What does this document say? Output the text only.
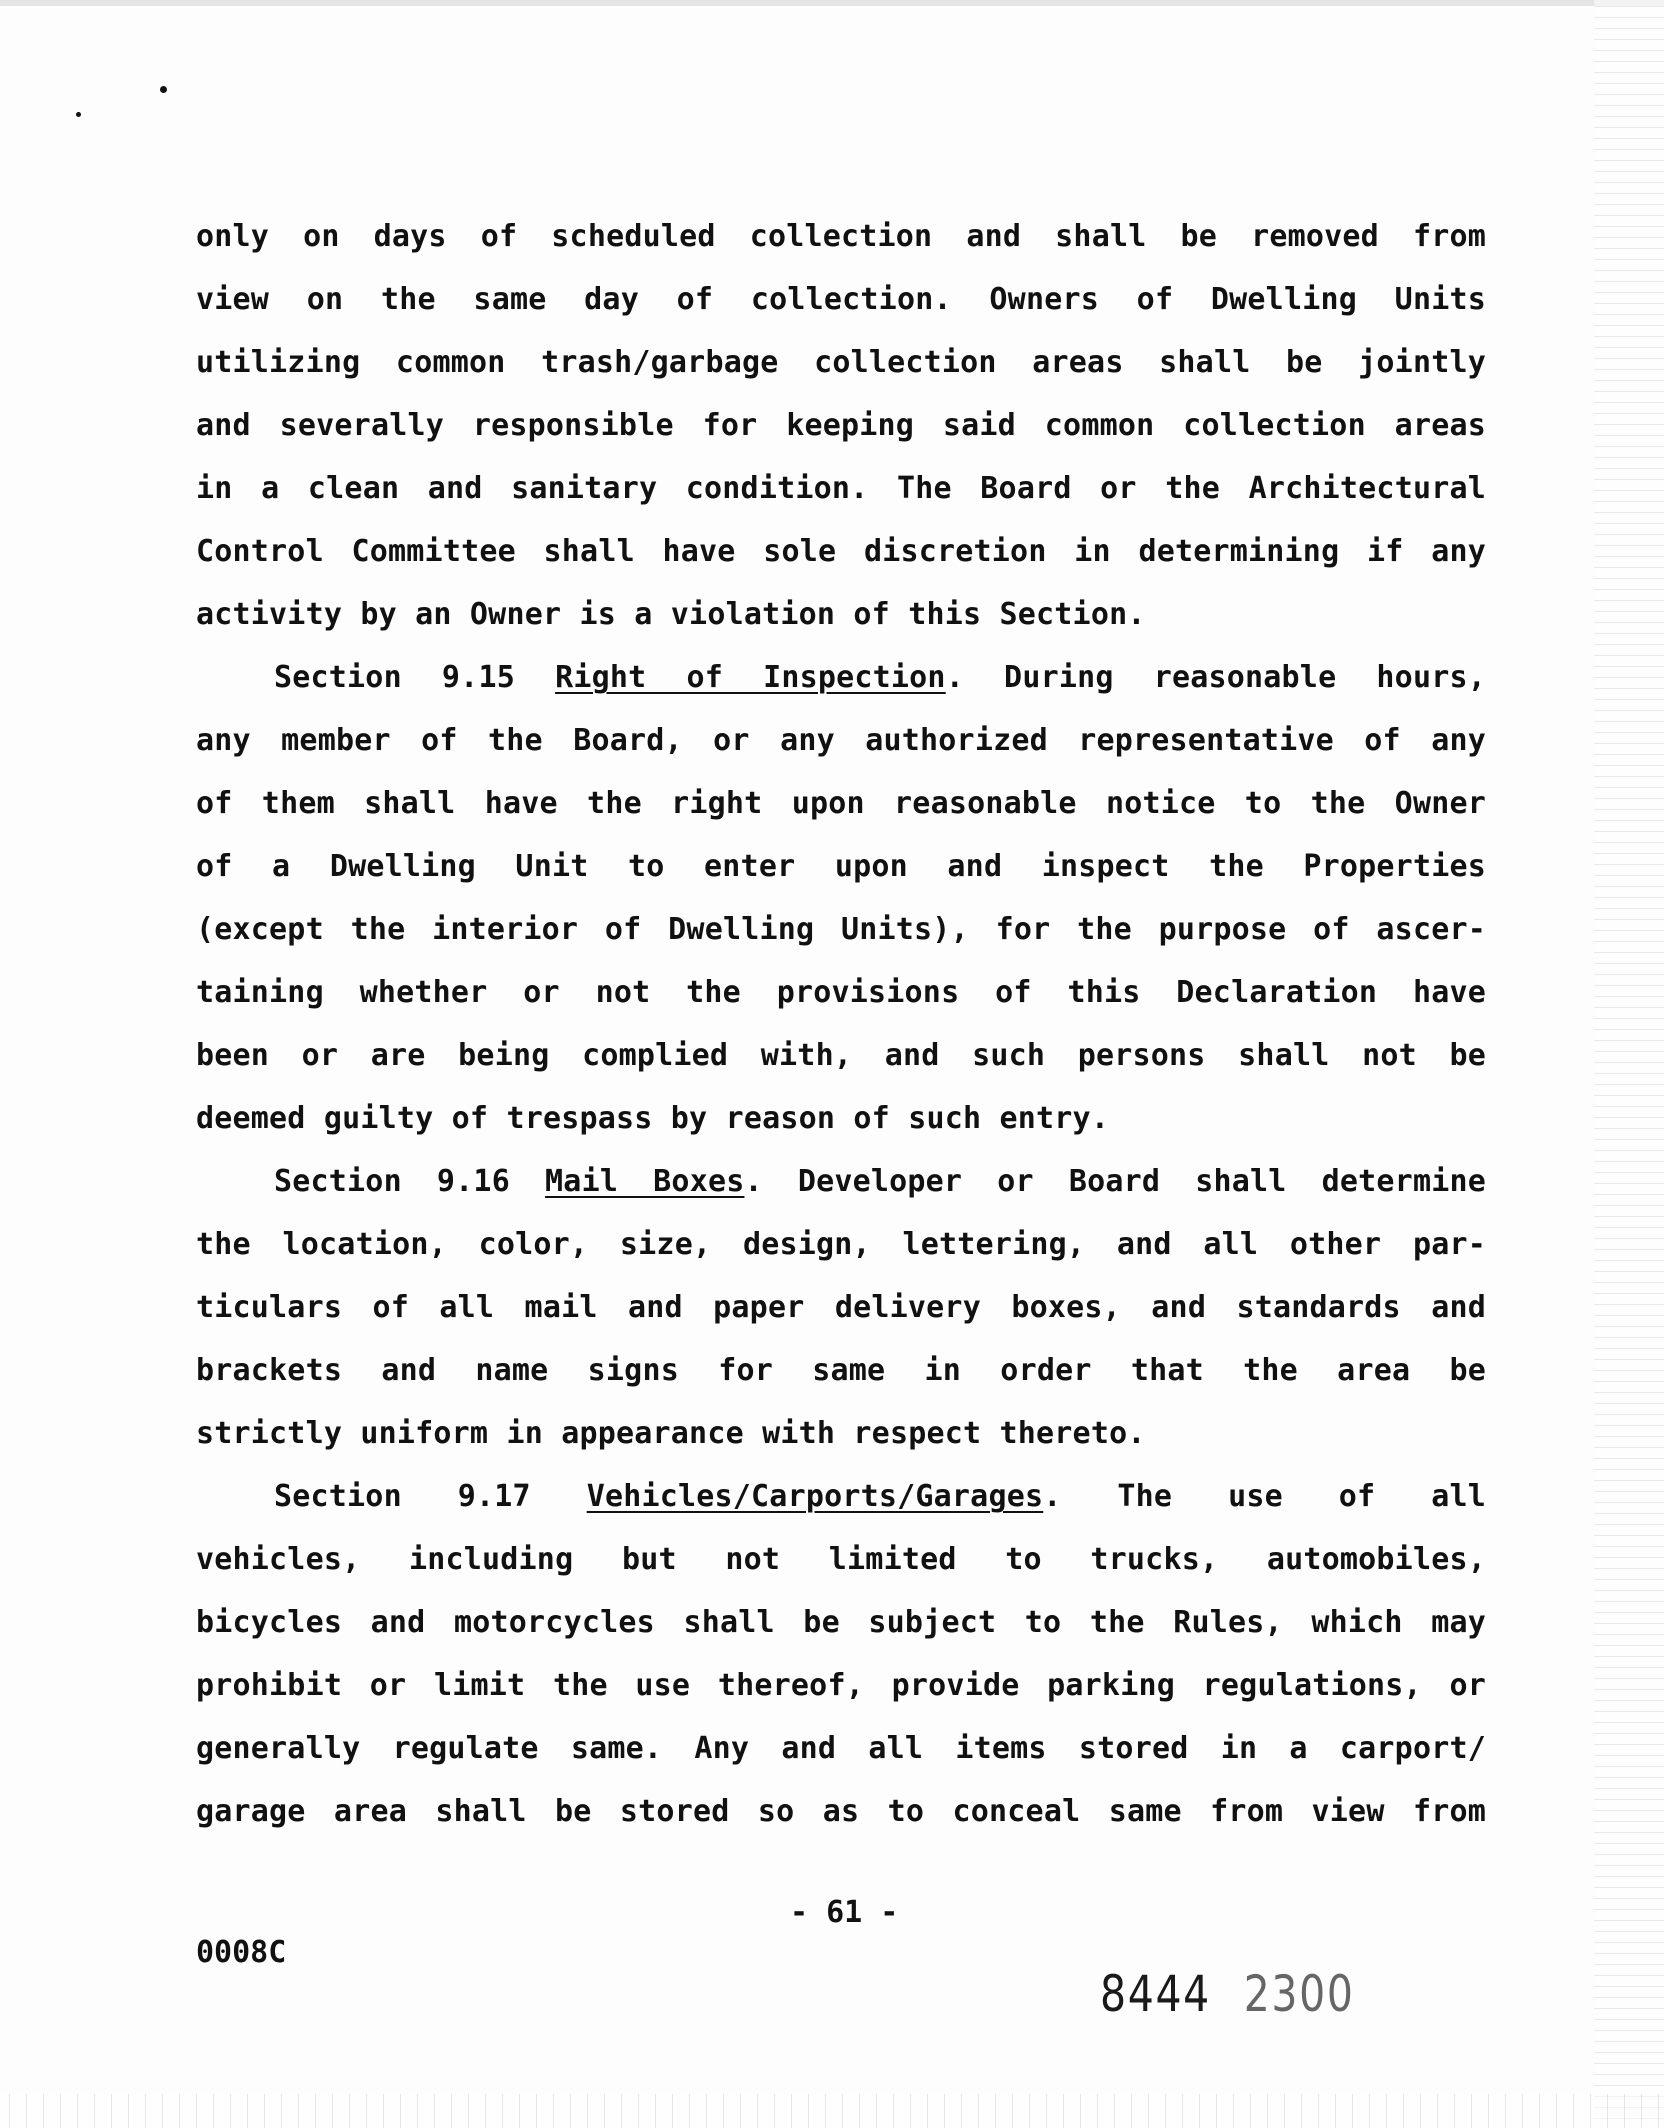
only on days of scheduled collection and shall be removed from
view on the same day of collection. Owners of Dwelling Units
utilizing common trash/garbage collection areas shall be jointly
and severally responsible for keeping said common collection areas
in a clean and sanitary condition. The Board or the Architectural
Control Committee shall have sole discretion in determining if any
activity by an Owner is a violation of this Section.
Section 9.15 Right of Inspection. During reasonable hours,
any member of the Board, or any authorized representative of any
of them shall have the right upon reasonable notice to the Owner
of a Dwelling Unit to enter upon and inspect the Properties
(except the interior of Dwelling Units), for the purpose of ascer-
taining whether or not the provisions of this Declaration have
been or are being complied with, and such persons shall not be
deemed guilty of trespass by reason of such entry.
Section 9.16 Mail Boxes. Developer or Board shall determine
the location, color, size, design, lettering, and all other par-
ticulars of all mail and paper delivery boxes, and standards and
brackets and name signs for same in order that the area be
strictly uniform in appearance with respect thereto.
Section 9.17 Vehicles/Carports/Garages. The use of all
vehicles, including but not limited to trucks, automobiles,
bicycles and motorcycles shall be subject to the Rules, which may
prohibit or limit the use thereof, provide parking regulations, or
generally regulate same. Any and all items stored in a carport/
garage area shall be stored so as to conceal same from view from
- 61 -
0008C
8444 2300
